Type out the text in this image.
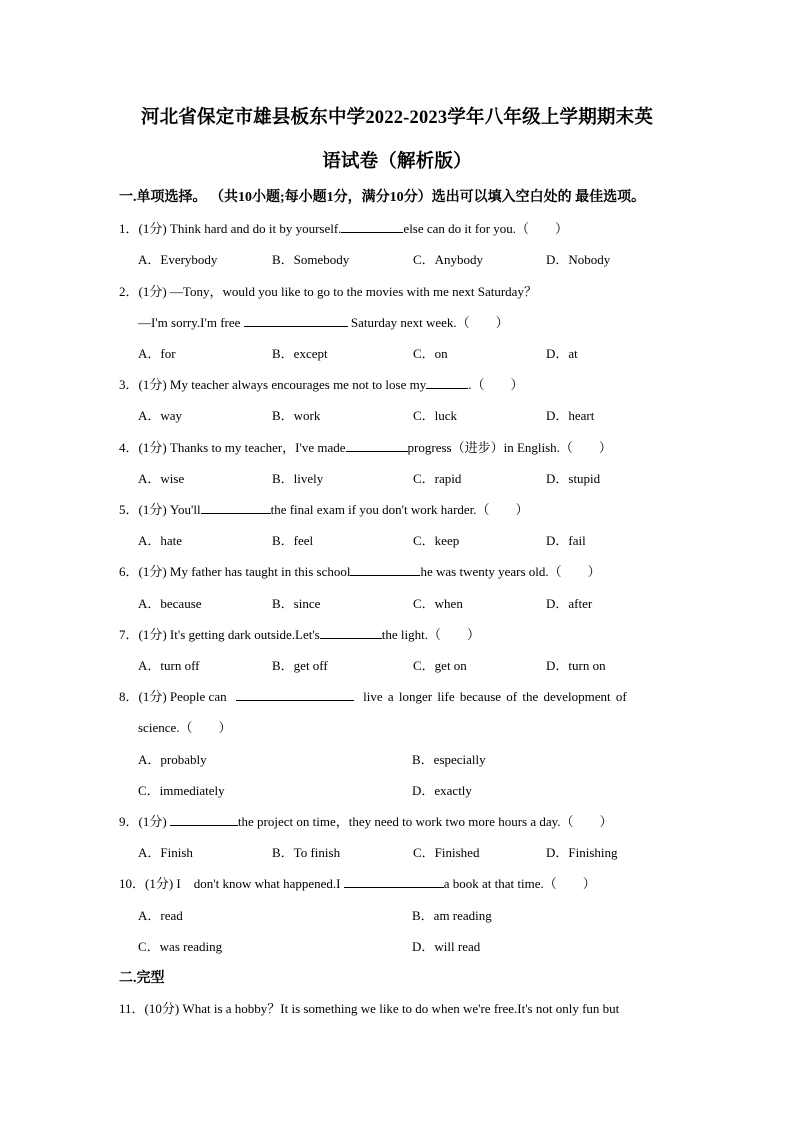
河北省保定市雄县板东中学2022-2023学年八年级上学期期末英
语试卷（解析版）
一.单项选择。 （共10小题;每小题1分，满分10分）选出可以填入空白处的 最佳选项。
1．(1分) Think hard and do it by yourself.	else can do it for you.（　　）
A．Everybody	B．Somebody	C．Anybody	D．Nobody
2．(1分) —Tony，would you like to go to the movies with me next Saturday？
—I'm sorry.I'm free	Saturday next week.（　　）
A．for	B．except	C．on	D．at
3．(1分) My teacher always encourages me not to lose my	.（　　）
A．way	B．work	C．luck	D．heart
4．(1分) Thanks to my teacher，I've made	progress（进步）in English.（　　）
A．wise	B．lively	C．rapid	D．stupid
5．(1分) You'll	the final exam if you don't work harder.（　　）
A．hate	B．feel	C．keep	D．fail
6．(1分) My father has taught in this school	he was twenty years old.（　　）
A．because	B．since	C．when	D．after
7．(1分) It's getting dark outside.Let's	the light.（　　）
A．turn off	B．get off	C．get on	D．turn on
8．(1分) People can	live a longer life because of the development of
science.（　　）
A．probably	B．especially
C．immediately	D．exactly
9．(1分)	the project on time，they need to work two more hours a day.（　　）
A．Finish	B．To finish	C．Finished	D．Finishing
10．(1分) I　don't know what happened.I	a book at that time.（　　）
A．read	B．am reading
C．was reading	D．will read
二.完型
11．(10分) What is a hobby？It is something we like to do when we're free.It's not only fun but
